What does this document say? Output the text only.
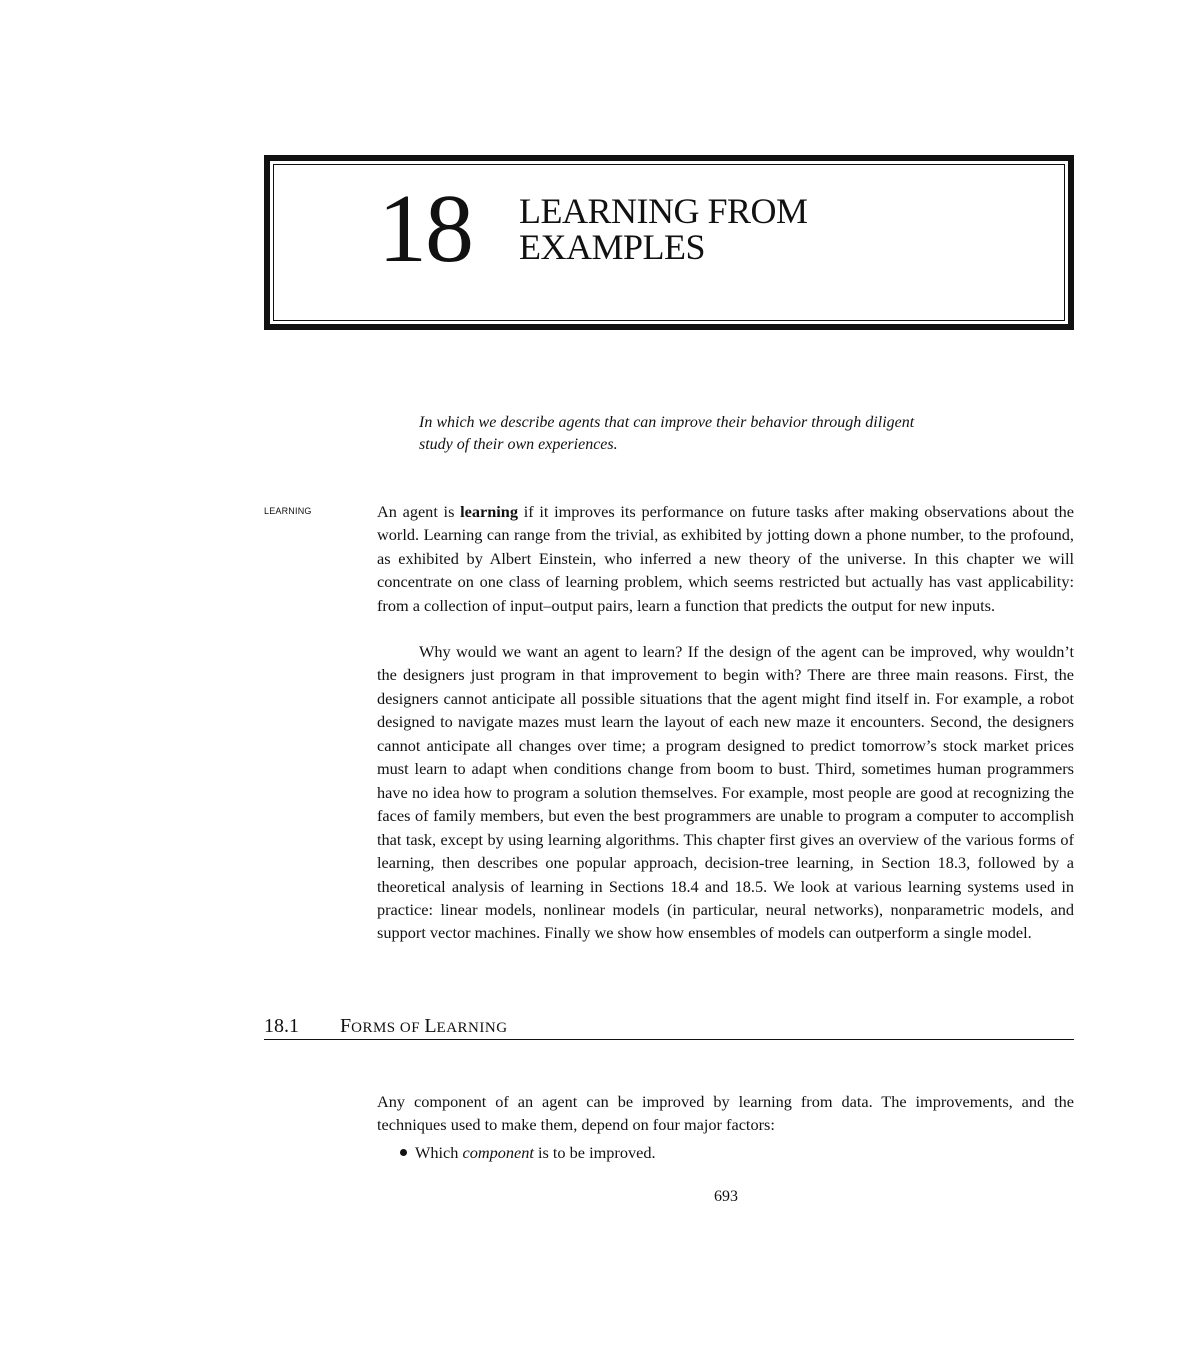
18 LEARNING FROM
EXAMPLES
In which we describe agents that can improve their behavior through diligent
study of their own experiences.
LEARNING	An agent is learning if it improves its performance on future tasks after making observations about the world. Learning can range from the trivial, as exhibited by jotting down a phone number, to the profound, as exhibited by Albert Einstein, who inferred a new theory of the universe. In this chapter we will concentrate on one class of learning problem, which seems restricted but actually has vast applicability: from a collection of input–output pairs, learn a function that predicts the output for new inputs.

Why would we want an agent to learn? If the design of the agent can be improved, why wouldn’t the designers just program in that improvement to begin with? There are three main reasons. First, the designers cannot anticipate all possible situations that the agent might find itself in. For example, a robot designed to navigate mazes must learn the layout of each new maze it encounters. Second, the designers cannot anticipate all changes over time; a program designed to predict tomorrow’s stock market prices must learn to adapt when conditions change from boom to bust. Third, sometimes human programmers have no idea how to program a solution themselves. For example, most people are good at recognizing the faces of family members, but even the best programmers are unable to program a computer to accomplish that task, except by using learning algorithms. This chapter first gives an overview of the various forms of learning, then describes one popular approach, decision-tree learning, in Section 18.3, followed by a theoretical analysis of learning in Sections 18.4 and 18.5. We look at various learning systems used in practice: linear models, nonlinear models (in particular, neural networks), nonparametric models, and support vector machines. Finally we show how ensembles of models can outperform a single model.

18.1 FORMS OF LEARNING

Any component of an agent can be improved by learning from data. The improvements, and the techniques used to make them, depend on four major factors:

Which component is to be improved.
693
